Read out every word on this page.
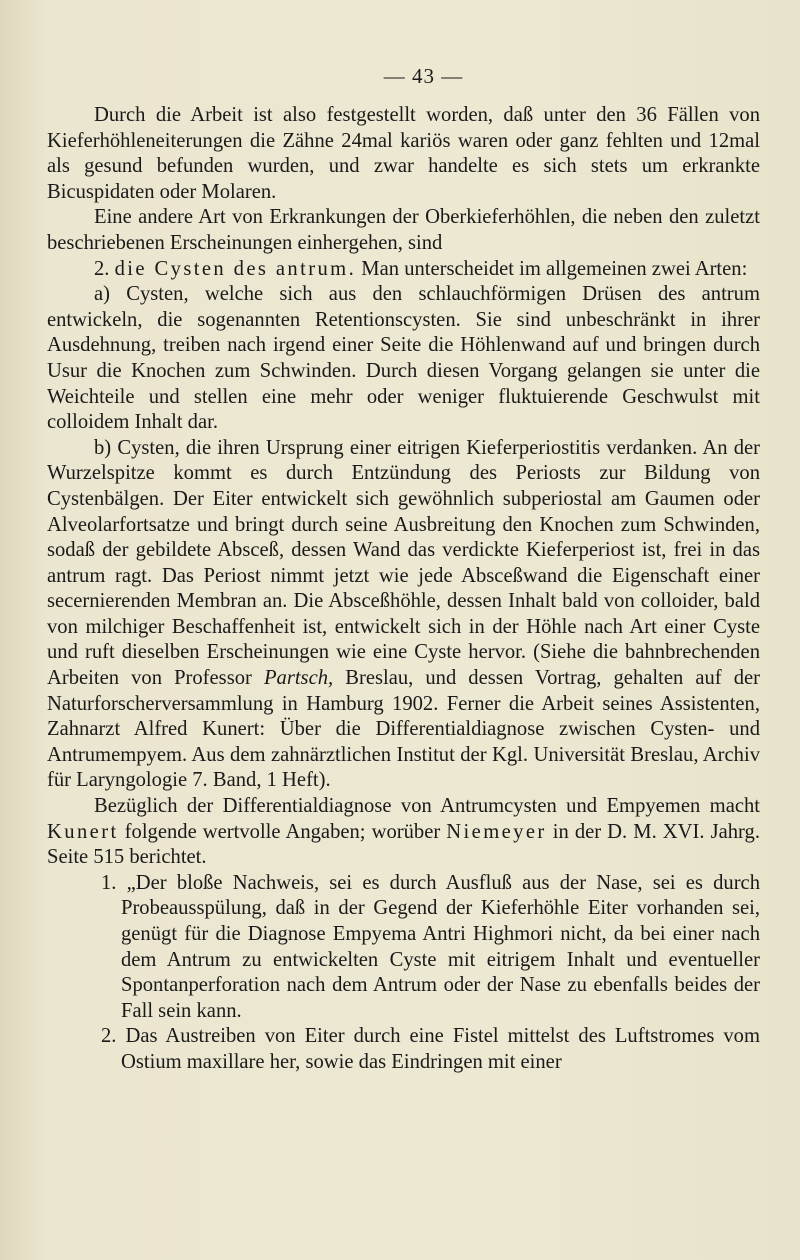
— 43 —

Durch die Arbeit ist also festgestellt worden, daß unter den 36 Fällen von Kieferhöhleneiterungen die Zähne 24mal kariös waren oder ganz fehlten und 12mal als gesund befunden wurden, und zwar handelte es sich stets um erkrankte Bicuspidaten oder Molaren.

Eine andere Art von Erkrankungen der Oberkieferhöhlen, die neben den zuletzt beschriebenen Erscheinungen einhergehen, sind

2. die Cysten des antrum. Man unterscheidet im allgemeinen zwei Arten:

a) Cysten, welche sich aus den schlauchförmigen Drüsen des antrum entwickeln, die sogenannten Retentionscysten. Sie sind unbeschränkt in ihrer Ausdehnung, treiben nach irgend einer Seite die Höhlenwand auf und bringen durch Usur die Knochen zum Schwinden. Durch diesen Vorgang gelangen sie unter die Weichteile und stellen eine mehr oder weniger fluktuierende Geschwulst mit colloidem Inhalt dar.

b) Cysten, die ihren Ursprung einer eitrigen Kieferperiostitis verdanken. An der Wurzelspitze kommt es durch Entzündung des Periosts zur Bildung von Cystenbälgen. Der Eiter entwickelt sich gewöhnlich subperiostal am Gaumen oder Alveolarfortsatze und bringt durch seine Ausbreitung den Knochen zum Schwinden, sodaß der gebildete Absceß, dessen Wand das verdickte Kieferperiost ist, frei in das antrum ragt. Das Periost nimmt jetzt wie jede Absceßwand die Eigenschaft einer secernierenden Membran an. Die Absceßhöhle, dessen Inhalt bald von colloider, bald von milchiger Beschaffenheit ist, entwickelt sich in der Höhle nach Art einer Cyste und ruft dieselben Erscheinungen wie eine Cyste hervor. (Siehe die bahnbrechenden Arbeiten von Professor Partsch, Breslau, und dessen Vortrag, gehalten auf der Naturforscherversammlung in Hamburg 1902. Ferner die Arbeit seines Assistenten, Zahnarzt Alfred Kunert: Über die Differentialdiagnose zwischen Cysten- und Antrumempyem. Aus dem zahnärztlichen Institut der Kgl. Universität Breslau, Archiv für Laryngologie 7. Band, 1 Heft).

Bezüglich der Differentialdiagnose von Antrumcysten und Empyemen macht Kunert folgende wertvolle Angaben; worüber Niemeyer in der D. M. XVI. Jahrg. Seite 515 berichtet.

1. „Der bloße Nachweis, sei es durch Ausfluß aus der Nase, sei es durch Probeausspülung, daß in der Gegend der Kieferhöhle Eiter vorhanden sei, genügt für die Diagnose Empyema Antri Highmori nicht, da bei einer nach dem Antrum zu entwickelten Cyste mit eitrigem Inhalt und eventueller Spontanperforation nach dem Antrum oder der Nase zu ebenfalls beides der Fall sein kann.

2. Das Austreiben von Eiter durch eine Fistel mittelst des Luftstromes vom Ostium maxillare her, sowie das Eindringen mit einer
